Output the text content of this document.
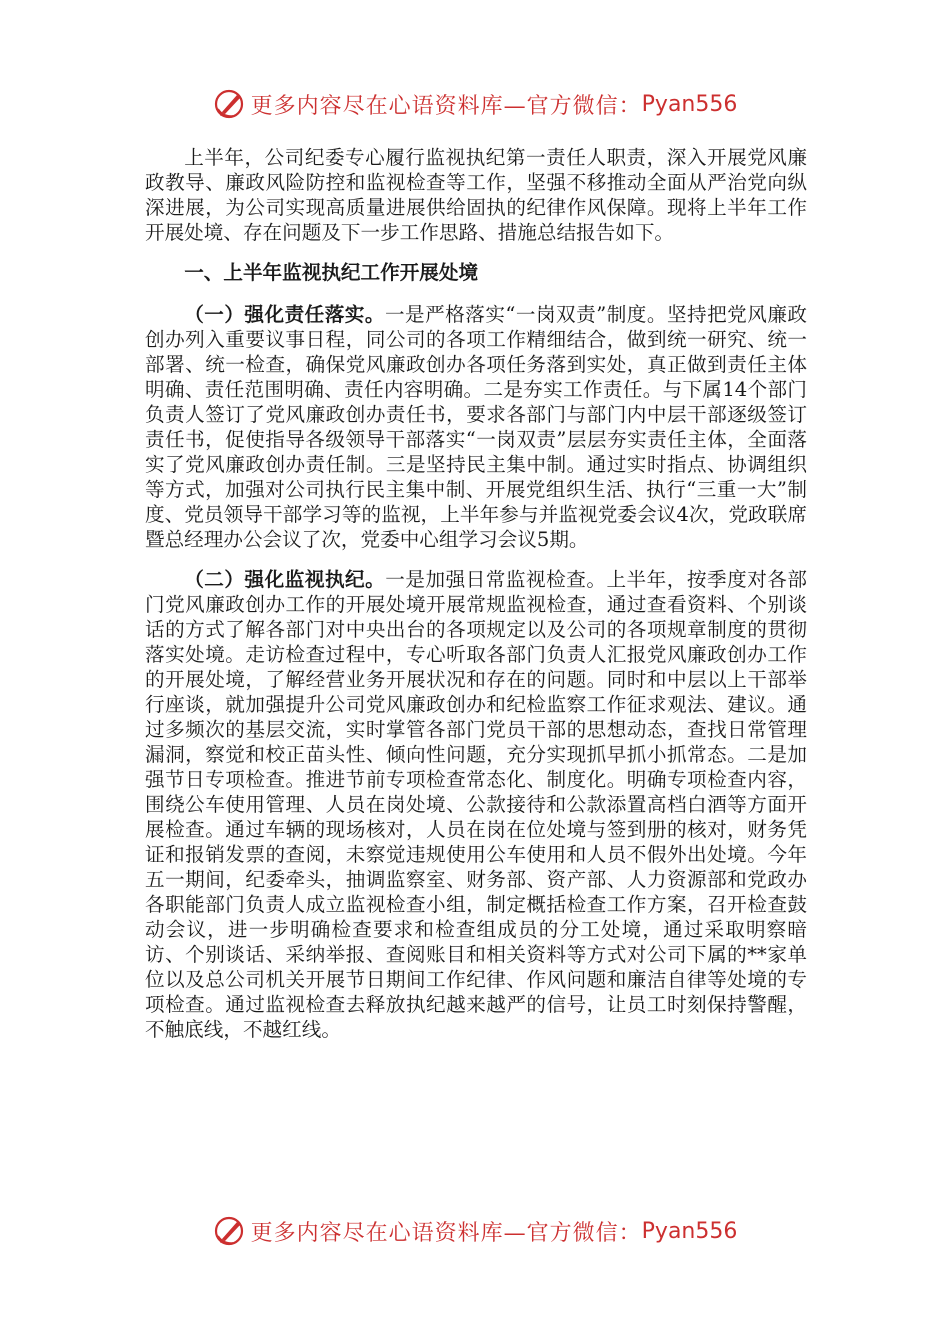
更多内容尽在心语资料库—官方微信： Pyan556

上半年，公司纪委专心履行监视执纪第一责任人职责，深入开展党风廉政教导、廉政风险防控和监视检查等工作，坚强不移推动全面从严治党向纵深进展，为公司实现高质量进展供给固执的纪律作风保障。现将上半年工作开展处境、存在问题及下一步工作思路、措施总结报告如下。

一、上半年监视执纪工作开展处境

（一）强化责任落实。一是严格落实“一岗双责”制度。坚持把党风廉政创办列入重要议事日程，同公司的各项工作精细结合，做到统一研究、统一部署、统一检查，确保党风廉政创办各项任务落到实处，真正做到责任主体明确、责任范围明确、责任内容明确。二是夯实工作责任。与下属14个部门负责人签订了党风廉政创办责任书，要求各部门与部门内中层干部逐级签订责任书，促使指导各级领导干部落实“一岗双责”层层夯实责任主体，全面落实了党风廉政创办责任制。三是坚持民主集中制。通过实时指点、协调组织等方式，加强对公司执行民主集中制、开展党组织生活、执行“三重一大”制度、党员领导干部学习等的监视，上半年参与并监视党委会议4次，党政联席暨总经理办公会议了次，党委中心组学习会议5期。

（二）强化监视执纪。一是加强日常监视检查。上半年，按季度对各部门党风廉政创办工作的开展处境开展常规监视检查，通过查看资料、个别谈话的方式了解各部门对中央出台的各项规定以及公司的各项规章制度的贯彻落实处境。走访检查过程中，专心听取各部门负责人汇报党风廉政创办工作的开展处境，了解经营业务开展状况和存在的问题。同时和中层以上干部举行座谈，就加强提升公司党风廉政创办和纪检监察工作征求观法、建议。通过多频次的基层交流，实时掌管各部门党员干部的思想动态，查找日常管理漏洞，察觉和校正苗头性、倾向性问题，充分实现抓早抓小抓常态。二是加强节日专项检查。推进节前专项检查常态化、制度化。明确专项检查内容，围绕公车使用管理、人员在岗处境、公款接待和公款添置高档白酒等方面开展检查。通过车辆的现场核对，人员在岗在位处境与签到册的核对，财务凭证和报销发票的查阅，未察觉违规使用公车使用和人员不假外出处境。今年五一期间，纪委牵头，抽调监察室、财务部、资产部、人力资源部和党政办各职能部门负责人成立监视检查小组，制定概括检查工作方案，召开检查鼓动会议，进一步明确检查要求和检查组成员的分工处境，通过采取明察暗访、个别谈话、采纳举报、查阅账目和相关资料等方式对公司下属的**家单位以及总公司机关开展节日期间工作纪律、作风问题和廉洁自律等处境的专项检查。通过监视检查去释放执纪越来越严的信号，让员工时刻保持警醒，不触底线，不越红线。

更多内容尽在心语资料库—官方微信： Pyan556
